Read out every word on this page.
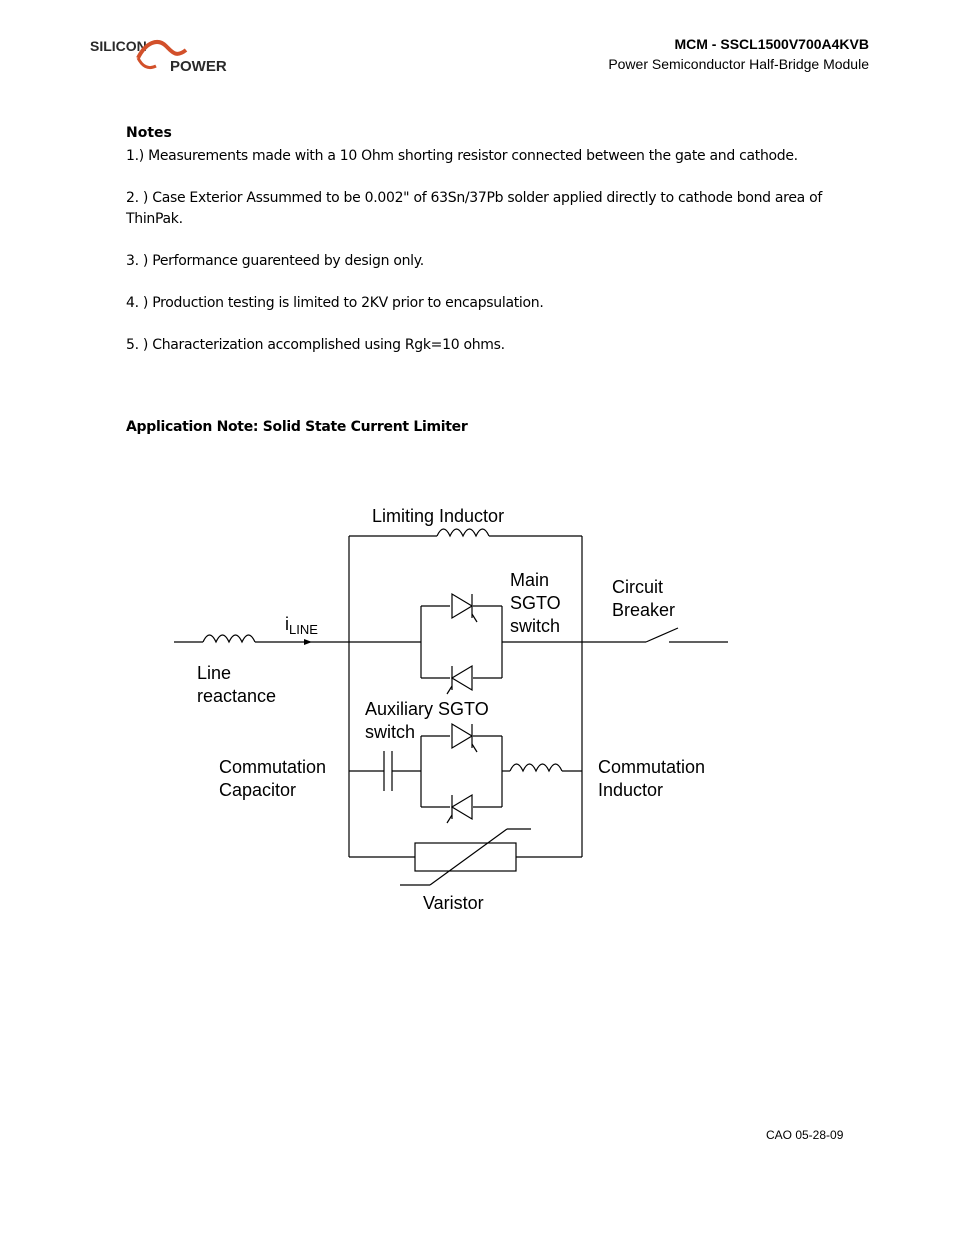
SILICON
POWER
MCM - SSCL1500V700A4KVB
Power Semiconductor Half-Bridge Module
Notes
1.) Measurements made with a 10 Ohm shorting resistor connected between the gate and cathode.
2. ) Case Exterior Assummed to be 0.002" of 63Sn/37Pb solder applied directly to cathode bond area of ThinPak.
3. ) Performance guarenteed by design only.
4. ) Production testing is limited to 2KV prior to encapsulation.
5. ) Characterization accomplished using Rgk=10 ohms.
Application Note: Solid State Current Limiter
Limiting Inductor
Main
SGTO
switch
Circuit
Breaker
$i_{LINE}$
Line
reactance
Auxiliary SGTO
switch
Commutation
Capacitor
Commutation
Inductor
Varistor
CAO 05-28-09
